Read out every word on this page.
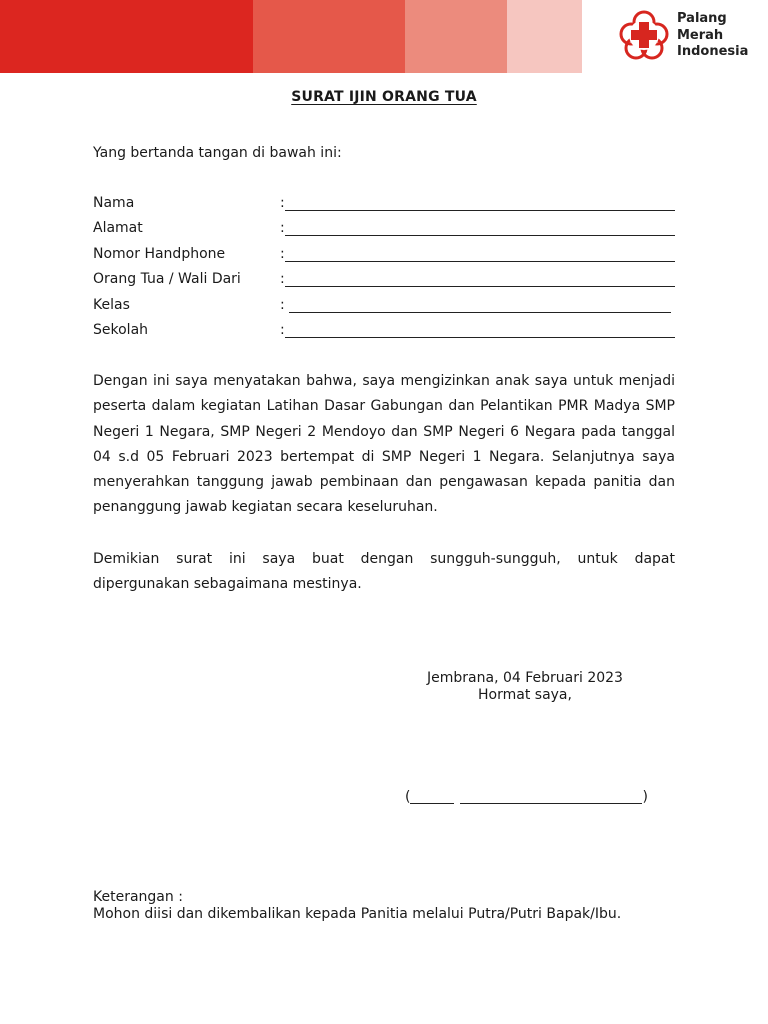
Palang
Merah
Indonesia
SURAT IJIN ORANG TUA
Yang bertanda tangan di bawah ini:
Nama	:
Alamat	:
Nomor Handphone	:
Orang Tua / Wali Dari	:
Kelas	:
Sekolah	:
Dengan ini saya menyatakan bahwa, saya mengizinkan anak saya untuk menjadi peserta dalam kegiatan Latihan Dasar Gabungan dan Pelantikan PMR Madya SMP Negeri 1 Negara, SMP Negeri 2 Mendoyo dan SMP Negeri 6 Negara pada tanggal 04 s.d 05 Februari 2023 bertempat di SMP Negeri 1 Negara. Selanjutnya saya menyerahkan tanggung jawab pembinaan dan pengawasan kepada panitia dan penanggung jawab kegiatan secara keseluruhan.
Demikian surat ini saya buat dengan sungguh-sungguh, untuk dapat dipergunakan sebagaimana mestinya.
Jembrana, 04 Februari 2023
Hormat saya,
(	)
Keterangan :
Mohon diisi dan dikembalikan kepada Panitia melalui Putra/Putri Bapak/Ibu.
